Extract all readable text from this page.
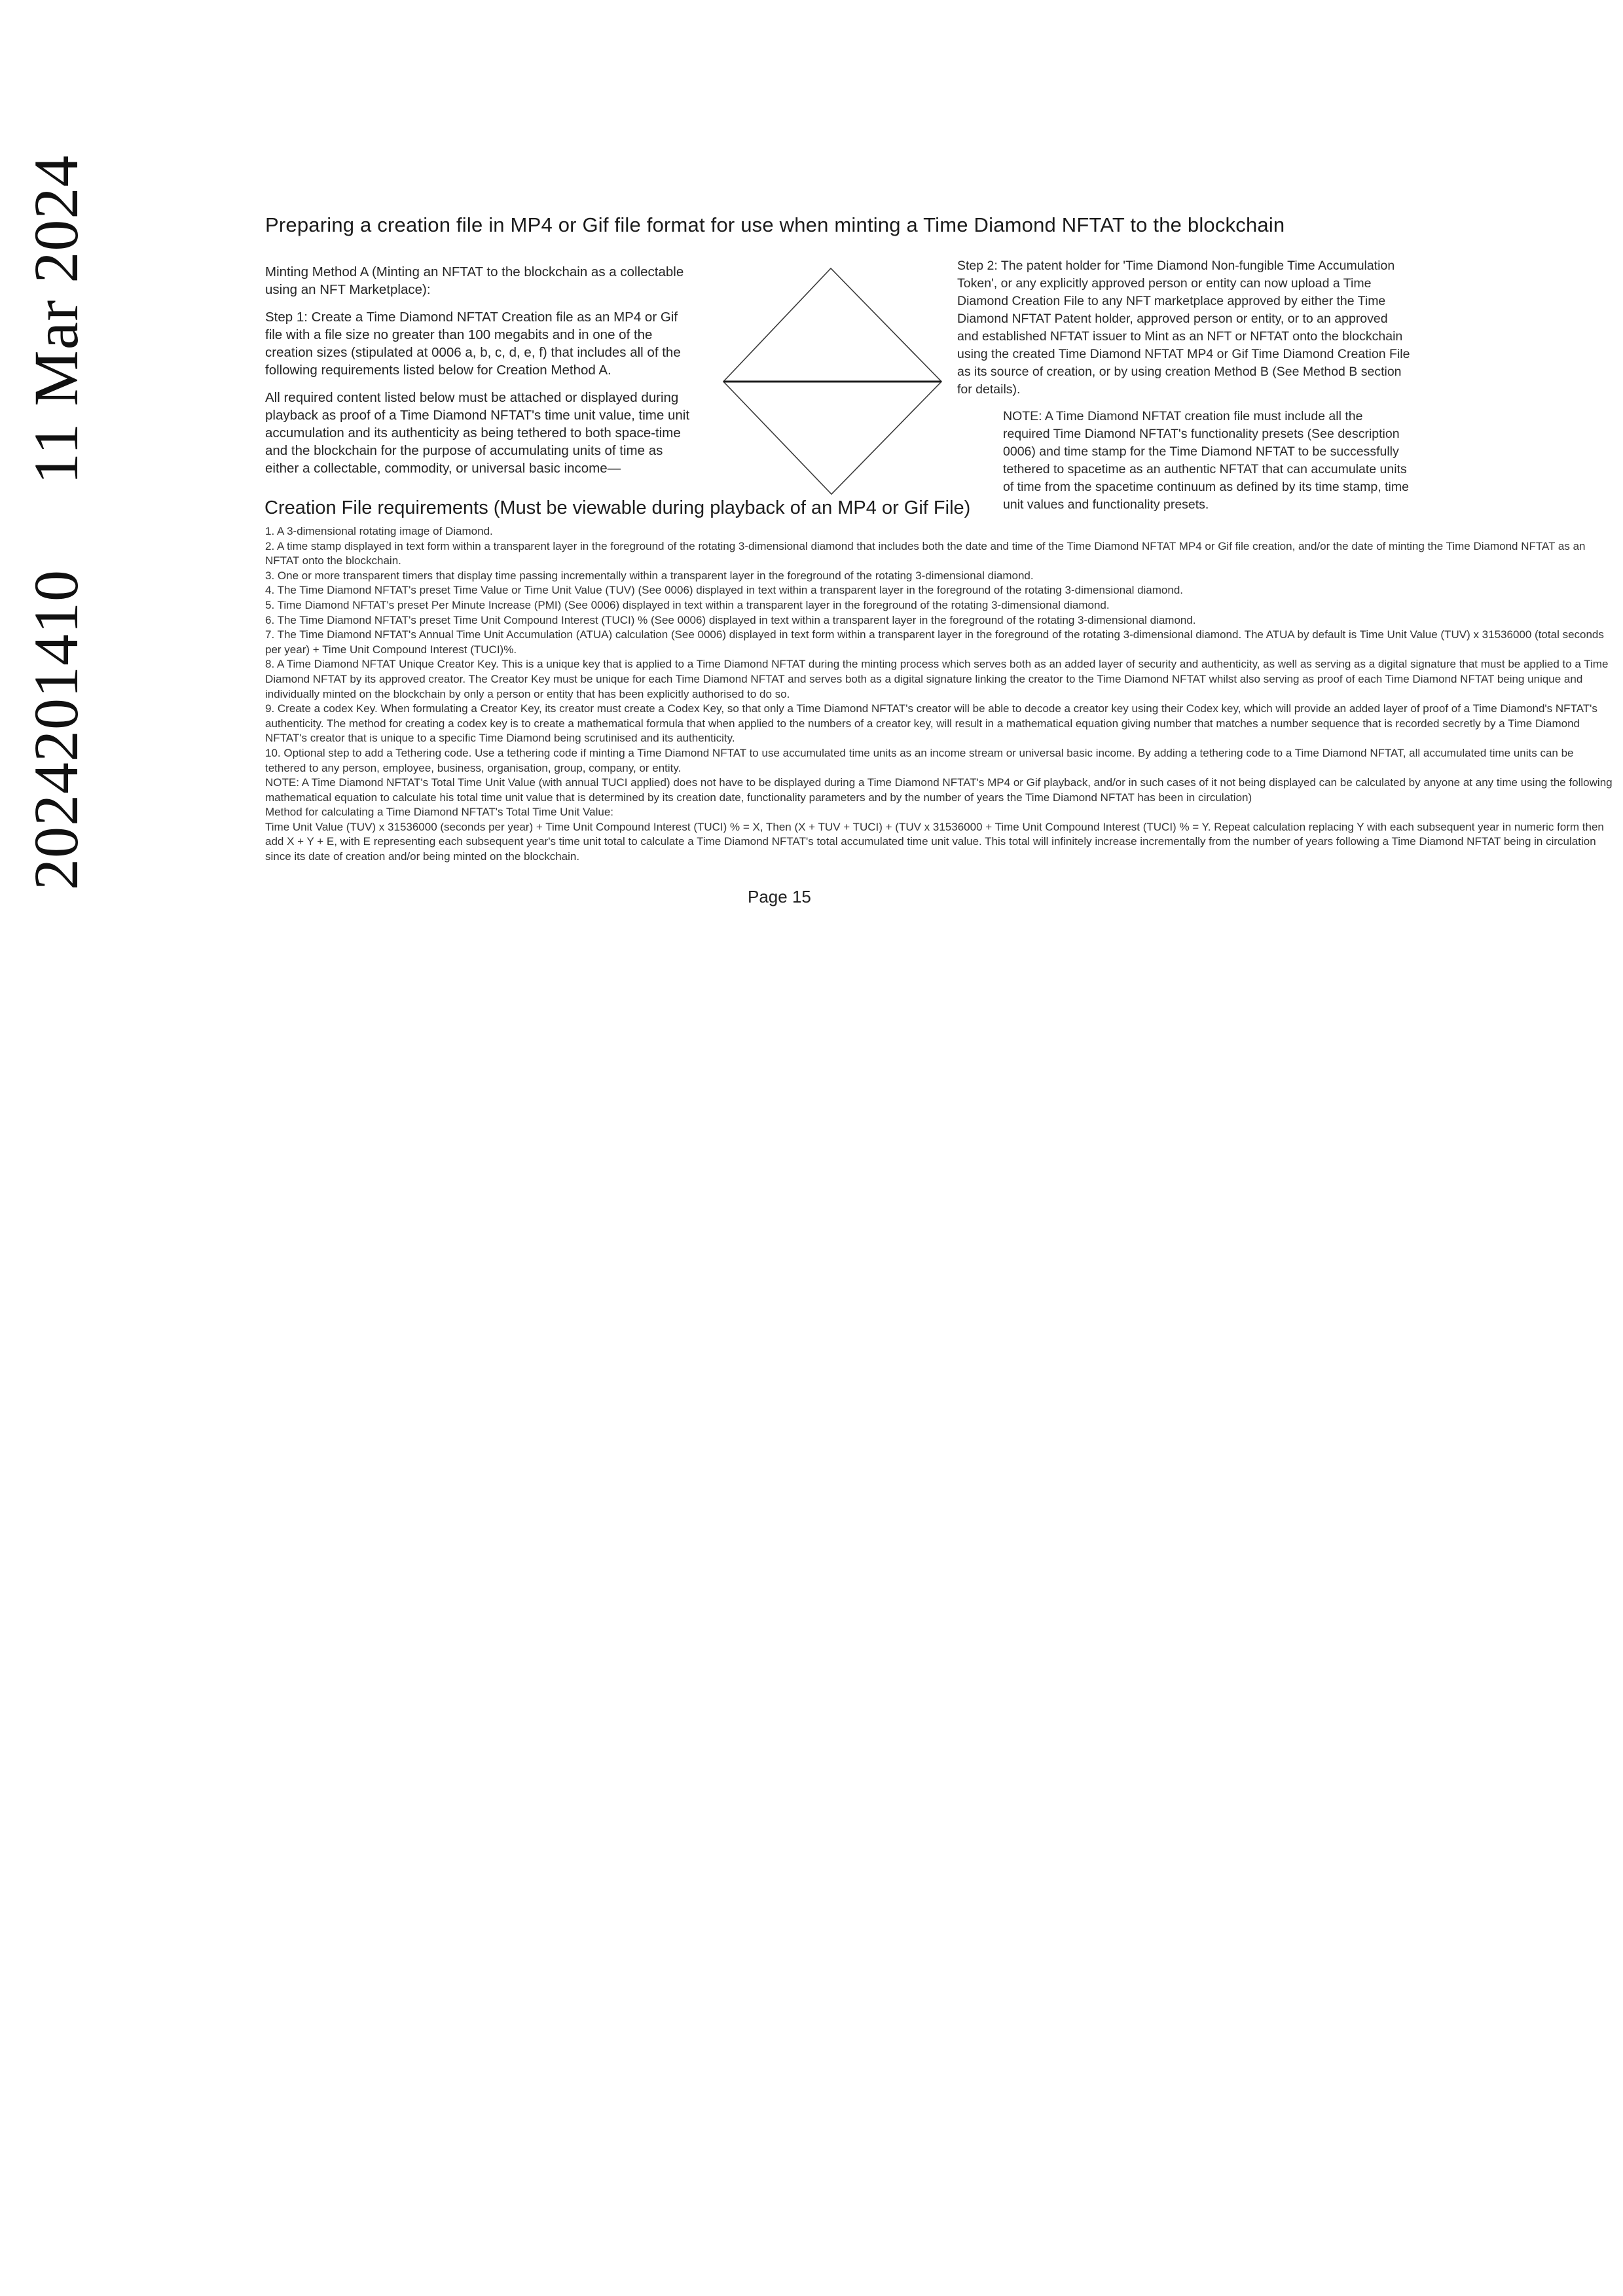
202420141011 Mar 2024	Preparing a creation file in MP4 or Gif file format for use when minting a Time Diamond NFTAT to the blockchain

Minting Method A (Minting an NFTAT to the blockchain as a collectable using an NFT Marketplace):

Step 1: Create a Time Diamond NFTAT Creation file as an MP4 or Gif file with a file size no greater than 100 megabits and in one of the creation sizes (stipulated at 0006 a, b, c, d, e, f) that includes all of the following requirements listed below for Creation Method A.

All required content listed below must be attached or displayed during playback as proof of a Time Diamond NFTAT's time unit value, time unit accumulation and its authenticity as being tethered to both space-time and the blockchain for the purpose of accumulating units of time as either a collectable, commodity, or universal basic income—

Step 2: The patent holder for 'Time Diamond Non-fungible Time Accumulation Token', or any explicitly approved person or entity can now upload a Time Diamond Creation File to any NFT marketplace approved by either the Time Diamond NFTAT Patent holder, approved person or entity, or to an approved and established NFTAT issuer to Mint as an NFT or NFTAT onto the blockchain using the created Time Diamond NFTAT MP4 or Gif Time Diamond Creation File as its source of creation, or by using creation Method B (See Method B section for details).

NOTE: A Time Diamond NFTAT creation file must include all the required Time Diamond NFTAT's functionality presets (See description 0006) and time stamp for the Time Diamond NFTAT to be successfully tethered to spacetime as an authentic NFTAT that can accumulate units of time from the spacetime continuum as defined by its time stamp, time unit values and functionality presets.

Creation File requirements (Must be viewable during playback of an MP4 or Gif File)

1. A 3-dimensional rotating image of Diamond.

2. A time stamp displayed in text form within a transparent layer in the foreground of the rotating 3-dimensional diamond that includes both the date and time of the Time Diamond NFTAT MP4 or Gif file creation, and/or the date of minting the Time Diamond NFTAT as an NFTAT onto the blockchain.

3. One or more transparent timers that display time passing incrementally within a transparent layer in the foreground of the rotating 3-dimensional diamond.

4. The Time Diamond NFTAT's preset Time Value or Time Unit Value (TUV) (See 0006) displayed in text within a transparent layer in the foreground of the rotating 3-dimensional diamond.

5. Time Diamond NFTAT's preset Per Minute Increase (PMI) (See 0006) displayed in text within a transparent layer in the foreground of the rotating 3-dimensional diamond.

6. The Time Diamond NFTAT's preset Time Unit Compound Interest (TUCI) % (See 0006) displayed in text within a transparent layer in the foreground of the rotating 3-dimensional diamond.

7. The Time Diamond NFTAT's Annual Time Unit Accumulation (ATUA) calculation (See 0006) displayed in text form within a transparent layer in the foreground of the rotating 3-dimensional diamond. The ATUA by default is Time Unit Value (TUV) x 31536000 (total seconds per year) + Time Unit Compound Interest (TUCI)%.

8. A Time Diamond NFTAT Unique Creator Key. This is a unique key that is applied to a Time Diamond NFTAT during the minting process which serves both as an added layer of security and authenticity, as well as serving as a digital signature that must be applied to a Time Diamond NFTAT by its approved creator. The Creator Key must be unique for each Time Diamond NFTAT and serves both as a digital signature linking the creator to the Time Diamond NFTAT whilst also serving as proof of each Time Diamond NFTAT being unique and individually minted on the blockchain by only a person or entity that has been explicitly authorised to do so.

9. Create a codex Key. When formulating a Creator Key, its creator must create a Codex Key, so that only a Time Diamond NFTAT's creator will be able to decode a creator key using their Codex key, which will provide an added layer of proof of a Time Diamond's NFTAT's authenticity. The method for creating a codex key is to create a mathematical formula that when applied to the numbers of a creator key, will result in a mathematical equation giving number that matches a number sequence that is recorded secretly by a Time Diamond NFTAT's creator that is unique to a specific Time Diamond being scrutinised and its authenticity.

10. Optional step to add a Tethering code. Use a tethering code if minting a Time Diamond NFTAT to use accumulated time units as an income stream or universal basic income. By adding a tethering code to a Time Diamond NFTAT, all accumulated time units can be tethered to any person, employee, business, organisation, group, company, or entity.

NOTE: A Time Diamond NFTAT's Total Time Unit Value (with annual TUCI applied) does not have to be displayed during a Time Diamond NFTAT's MP4 or Gif playback, and/or in such cases of it not being displayed can be calculated by anyone at any time using the following mathematical equation to calculate his total time unit value that is determined by its creation date, functionality parameters and by the number of years the Time Diamond NFTAT has been in circulation)

Method for calculating a Time Diamond NFTAT's Total Time Unit Value:

Time Unit Value (TUV) x 31536000 (seconds per year) + Time Unit Compound Interest (TUCI) % = X, Then (X + TUV + TUCI) + (TUV x 31536000 + Time Unit Compound Interest (TUCI) % = Y. Repeat calculation replacing Y with each subsequent year in numeric form then add X + Y + E, with E representing each subsequent year's time unit total to calculate a Time Diamond NFTAT's total accumulated time unit value. This total will infinitely increase incrementally from the number of years following a Time Diamond NFTAT being in circulation since its date of creation and/or being minted on the blockchain.

Page 15
